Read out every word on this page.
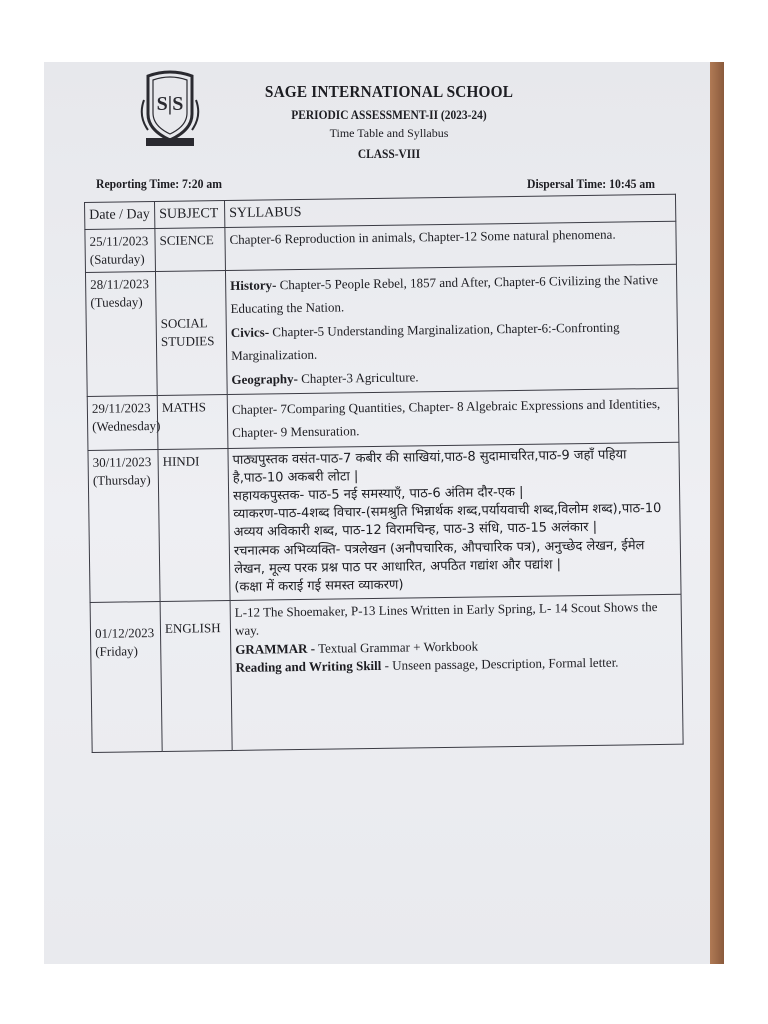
S|S
SAGE INTERNATIONAL SCHOOL
PERIODIC ASSESSMENT-II (2023-24)
Time Table and Syllabus
CLASS-VIII
Reporting Time: 7:20 am	Dispersal Time: 10:45 am
Date / Day	SUBJECT	SYLLABUS
25/11/2023
(Saturday)	SCIENCE	Chapter-6 Reproduction in animals, Chapter-12 Some natural phenomena.

28/11/2023
(Tuesday)	SOCIAL STUDIES	History- Chapter-5 People Rebel, 1857 and After, Chapter-6 Civilizing the Native Educating the Nation.
Civics- Chapter-5 Understanding Marginalization, Chapter-6:-Confronting Marginalization.
Geography- Chapter-3 Agriculture.

29/11/2023
(Wednesday)	MATHS	Chapter- 7Comparing Quantities, Chapter- 8 Algebraic Expressions and Identities, Chapter- 9 Mensuration.

30/11/2023
(Thursday)	HINDI	पाठ्यपुस्तक वसंत-पाठ-7 कबीर की साखियां,पाठ-8 सुदामाचरित,पाठ-9 जहाँ पहिया है,पाठ-10 अकबरी लोटा |
सहायकपुस्तक- पाठ-5 नई समस्याएँ, पाठ-6 अंतिम दौर-एक |
व्याकरण-पाठ-4शब्द विचार-(समश्रुति भिन्नार्थक शब्द,पर्यायवाची शब्द,विलोम शब्द),पाठ-10 अव्यय अविकारी शब्द, पाठ-12 विरामचिन्ह, पाठ-3 संधि, पाठ-15 अलंकार |
रचनात्मक अभिव्यक्ति- पत्रलेखन (अनौपचारिक, औपचारिक पत्र), अनुच्छेद लेखन, ईमेल लेखन, मूल्य परक प्रश्न पाठ पर आधारित, अपठित गद्यांश और पद्यांश |
(कक्षा में कराई गई समस्त व्याकरण)

01/12/2023
(Friday)	ENGLISH	L-12 The Shoemaker, P-13 Lines Written in Early Spring, L- 14 Scout Shows the way.
GRAMMAR - Textual Grammar + Workbook
Reading and Writing Skill - Unseen passage, Description, Formal letter.
